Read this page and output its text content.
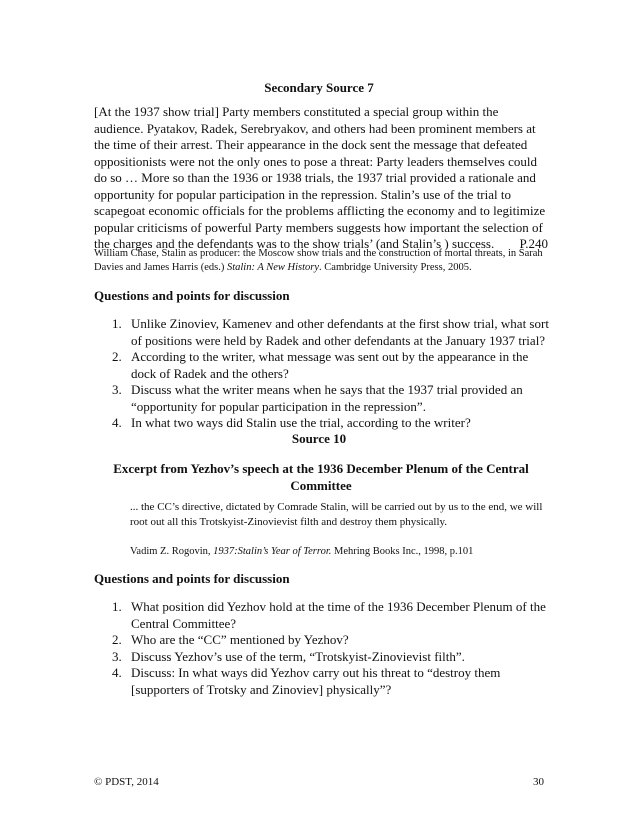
Secondary Source 7
[At the 1937 show trial] Party members constituted a special group within the audience. Pyatakov, Radek, Serebryakov, and others had been prominent members at the time of their arrest. Their appearance in the dock sent the message that defeated oppositionists were not the only ones to pose a threat: Party leaders themselves could do so … More so than the 1936 or 1938 trials, the 1937 trial provided a rationale and opportunity for popular participation in the repression. Stalin’s use of the trial to scapegoat economic officials for the problems afflicting the economy and to legitimize popular criticisms of powerful Party members suggests how important the selection of the charges and the defendants was to the show trials’ (and Stalin’s ) success. P.240
William Chase, Stalin as producer: the Moscow show trials and the construction of mortal threats, in Sarah Davies and James Harris (eds.) Stalin: A New History. Cambridge University Press, 2005.
Questions and points for discussion
1. Unlike Zinoviev, Kamenev and other defendants at the first show trial, what sort of positions were held by Radek and other defendants at the January 1937 trial?
2. According to the writer, what message was sent out by the appearance in the dock of Radek and the others?
3. Discuss what the writer means when he says that the 1937 trial provided an “opportunity for popular participation in the repression”.
4. In what two ways did Stalin use the trial, according to the writer?
Source 10
Excerpt from Yezhov’s speech at the 1936 December Plenum of the Central Committee
... the CC’s directive, dictated by Comrade Stalin, will be carried out by us to the end, we will root out all this Trotskyist-Zinovievist filth and destroy them physically.
Vadim Z. Rogovin, 1937:Stalin’s Year of Terror. Mehring Books Inc., 1998, p.101
Questions and points for discussion
1. What position did Yezhov hold at the time of the 1936 December Plenum of the Central Committee?
2. Who are the “CC” mentioned by Yezhov?
3. Discuss Yezhov’s use of the term, “Trotskyist-Zinovievist filth”.
4. Discuss: In what ways did Yezhov carry out his threat to “destroy them [supporters of Trotsky and Zinoviev] physically”?
© PDST, 2014	30
